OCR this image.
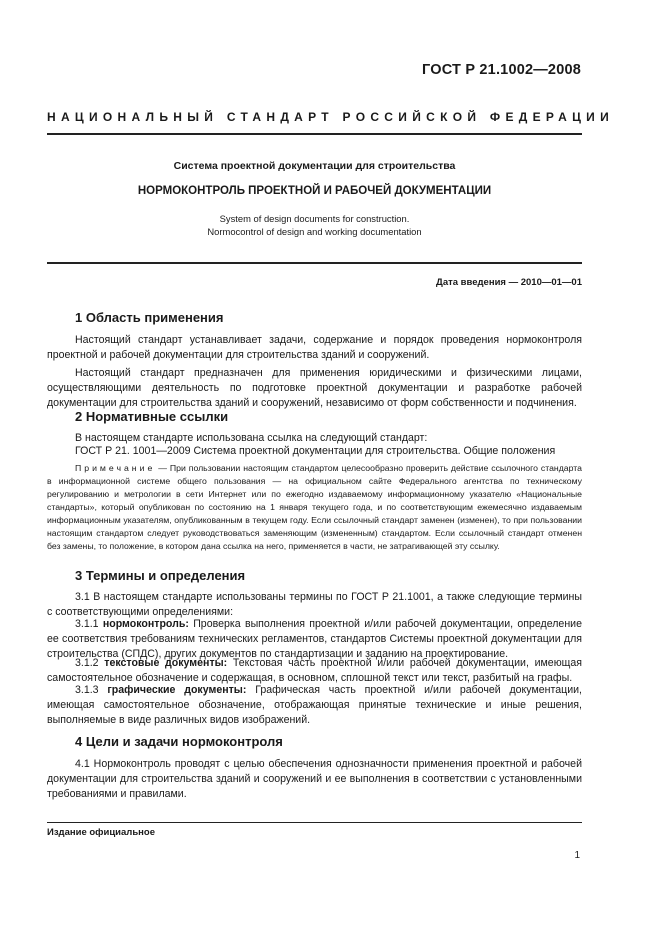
ГОСТ Р 21.1002—2008
НАЦИОНАЛЬНЫЙ СТАНДАРТ РОССИЙСКОЙ ФЕДЕРАЦИИ
Система проектной документации для строительства
НОРМОКОНТРОЛЬ ПРОЕКТНОЙ И РАБОЧЕЙ ДОКУМЕНТАЦИИ
System of design documents for construction.
Normocontrol of design and working documentation
Дата введения — 2010—01—01
1 Область применения

Настоящий стандарт устанавливает задачи, содержание и порядок проведения нормоконтроля проектной и рабочей документации для строительства зданий и сооружений.

Настоящий стандарт предназначен для применения юридическими и физическими лицами, осуществляющими деятельность по подготовке проектной документации и разработке рабочей документации для строительства зданий и сооружений, независимо от форм собственности и подчинения.

2 Нормативные ссылки

В настоящем стандарте использована ссылка на следующий стандарт:

ГОСТ Р 21. 1001—2009 Система проектной документации для строительства. Общие положения

Примечание — При пользовании настоящим стандартом целесообразно проверить действие ссылочного стандарта в информационной системе общего пользования — на официальном сайте Федерального агентства по техническому регулированию и метрологии в сети Интернет или по ежегодно издаваемому информационному указателю «Национальные стандарты», который опубликован по состоянию на 1 января текущего года, и по соответствующим ежемесячно издаваемым информационным указателям, опубликованным в текущем году. Если ссылочный стандарт заменен (изменен), то при пользовании настоящим стандартом следует руководствоваться заменяющим (измененным) стандартом. Если ссылочный стандарт отменен без замены, то положение, в котором дана ссылка на него, применяется в части, не затрагивающей эту ссылку.

3 Термины и определения

3.1 В настоящем стандарте использованы термины по ГОСТ Р 21.1001, а также следующие термины с соответствующими определениями:

3.1.1 нормоконтроль: Проверка выполнения проектной и/или рабочей документации, определение ее соответствия требованиям технических регламентов, стандартов Системы проектной документации для строительства (СПДС), других документов по стандартизации и заданию на проектирование.

3.1.2 текстовые документы: Текстовая часть проектной и/или рабочей документации, имеющая самостоятельное обозначение и содержащая, в основном, сплошной текст или текст, разбитый на графы.

3.1.3 графические документы: Графическая часть проектной и/или рабочей документации, имеющая самостоятельное обозначение, отображающая принятые технические и иные решения, выполняемые в виде различных видов изображений.

4 Цели и задачи нормоконтроля

4.1 Нормоконтроль проводят с целью обеспечения однозначности применения проектной и рабочей документации для строительства зданий и сооружений и ее выполнения в соответствии с установленными требованиями и правилами.

Издание официальное
1
